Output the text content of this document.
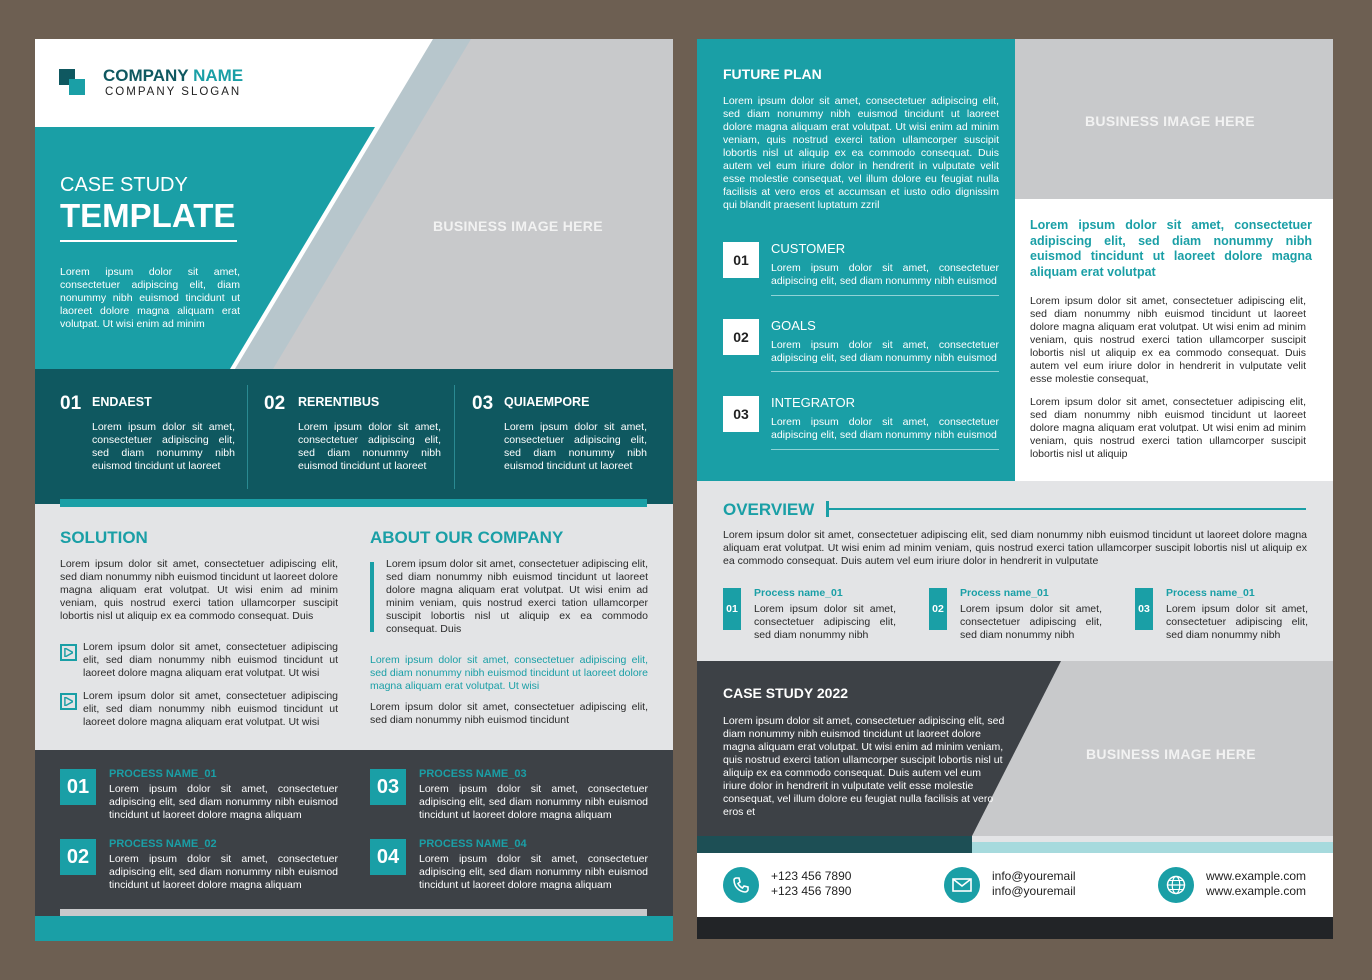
COMPANY NAME
COMPANY SLOGAN
CASE STUDY
TEMPLATE
Lorem ipsum dolor sit amet, consectetuer adipiscing elit, diam nonummy nibh euismod tincidunt ut laoreet dolore magna aliquam erat volutpat. Ut wisi enim ad minim
BUSINESS IMAGE HERE
01 ENDAEST
Lorem ipsum dolor sit amet, consectetuer adipiscing elit, sed diam nonummy nibh euismod tincidunt ut laoreet
02 RERENTIBUS
Lorem ipsum dolor sit amet, consectetuer adipiscing elit, sed diam nonummy nibh euismod tincidunt ut laoreet
03 QUIAEMPORE
Lorem ipsum dolor sit amet, consectetuer adipiscing elit, sed diam nonummy nibh euismod tincidunt ut laoreet
SOLUTION
Lorem ipsum dolor sit amet, consectetuer adipiscing elit, sed diam nonummy nibh euismod tincidunt ut laoreet dolore magna aliquam erat volutpat. Ut wisi enim ad minim veniam, quis nostrud exerci tation ullamcorper suscipit lobortis nisl ut aliquip ex ea commodo consequat. Duis
Lorem ipsum dolor sit amet, consectetuer adipiscing elit, sed diam nonummy nibh euismod tincidunt ut laoreet dolore magna aliquam erat volutpat. Ut wisi
Lorem ipsum dolor sit amet, consectetuer adipiscing elit, sed diam nonummy nibh euismod tincidunt ut laoreet dolore magna aliquam erat volutpat. Ut wisi
ABOUT OUR COMPANY
Lorem ipsum dolor sit amet, consectetuer adipiscing elit, sed diam nonummy nibh euismod tincidunt ut laoreet dolore magna aliquam erat volutpat. Ut wisi enim ad minim veniam, quis nostrud exerci tation ullamcorper suscipit lobortis nisl ut aliquip ex ea commodo consequat. Duis
Lorem ipsum dolor sit amet, consectetuer adipiscing elit, sed diam nonummy nibh euismod tincidunt ut laoreet dolore magna aliquam erat volutpat. Ut wisi
Lorem ipsum dolor sit amet, consectetuer adipiscing elit, sed diam nonummy nibh euismod tincidunt
01
PROCESS NAME_01
Lorem ipsum dolor sit amet, consectetuer adipiscing elit, sed diam nonummy nibh euismod tincidunt ut laoreet dolore magna aliquam
02
PROCESS NAME_02
Lorem ipsum dolor sit amet, consectetuer adipiscing elit, sed diam nonummy nibh euismod tincidunt ut laoreet dolore magna aliquam
03
PROCESS NAME_03
Lorem ipsum dolor sit amet, consectetuer adipiscing elit, sed diam nonummy nibh euismod tincidunt ut laoreet dolore magna aliquam
04
PROCESS NAME_04
Lorem ipsum dolor sit amet, consectetuer adipiscing elit, sed diam nonummy nibh euismod tincidunt ut laoreet dolore magna aliquam
FUTURE PLAN
Lorem ipsum dolor sit amet, consectetuer adipiscing elit, sed diam nonummy nibh euismod tincidunt ut laoreet dolore magna aliquam erat volutpat. Ut wisi enim ad minim veniam, quis nostrud exerci tation ullamcorper suscipit lobortis nisl ut aliquip ex ea commodo consequat. Duis autem vel eum iriure dolor in hendrerit in vulputate velit esse molestie consequat, vel illum dolore eu feugiat nulla facilisis at vero eros et accumsan et iusto odio dignissim qui blandit praesent luptatum zzril
01
CUSTOMER
Lorem ipsum dolor sit amet, consectetuer adipiscing elit, sed diam nonummy nibh euismod
02
GOALS
Lorem ipsum dolor sit amet, consectetuer adipiscing elit, sed diam nonummy nibh euismod
03
INTEGRATOR
Lorem ipsum dolor sit amet, consectetuer adipiscing elit, sed diam nonummy nibh euismod
BUSINESS IMAGE HERE
Lorem ipsum dolor sit amet, consectetuer adipiscing elit, sed diam nonummy nibh euismod tincidunt ut laoreet dolore magna aliquam erat volutpat
Lorem ipsum dolor sit amet, consectetuer adipiscing elit, sed diam nonummy nibh euismod tincidunt ut laoreet dolore magna aliquam erat volutpat. Ut wisi enim ad minim veniam, quis nostrud exerci tation ullamcorper suscipit lobortis nisl ut aliquip ex ea commodo consequat. Duis autem vel eum iriure dolor in hendrerit in vulputate velit esse molestie consequat,
Lorem ipsum dolor sit amet, consectetuer adipiscing elit, sed diam nonummy nibh euismod tincidunt ut laoreet dolore magna aliquam erat volutpat. Ut wisi enim ad minim veniam, quis nostrud exerci tation ullamcorper suscipit lobortis nisl ut aliquip
OVERVIEW
Lorem ipsum dolor sit amet, consectetuer adipiscing elit, sed diam nonummy nibh euismod tincidunt ut laoreet dolore magna aliquam erat volutpat. Ut wisi enim ad minim veniam, quis nostrud exerci tation ullamcorper suscipit lobortis nisl ut aliquip ex ea commodo consequat. Duis autem vel eum iriure dolor in hendrerit in vulputate
01
Process name_01
Lorem ipsum dolor sit amet, consectetuer adipiscing elit, sed diam nonummy nibh
02
Process name_01
Lorem ipsum dolor sit amet, consectetuer adipiscing elit, sed diam nonummy nibh
03
Process name_01
Lorem ipsum dolor sit amet, consectetuer adipiscing elit, sed diam nonummy nibh
CASE STUDY 2022
Lorem ipsum dolor sit amet, consectetuer adipiscing elit, sed diam nonummy nibh euismod tincidunt ut laoreet dolore magna aliquam erat volutpat. Ut wisi enim ad minim veniam, quis nostrud exerci tation ullamcorper suscipit lobortis nisl ut aliquip ex ea commodo consequat. Duis autem vel eum iriure dolor in hendrerit in vulputate velit esse molestie consequat, vel illum dolore eu feugiat nulla facilisis at vero eros et
BUSINESS IMAGE HERE
+123 456 7890
+123 456 7890
info@youremail
info@youremail
www.example.com
www.example.com
